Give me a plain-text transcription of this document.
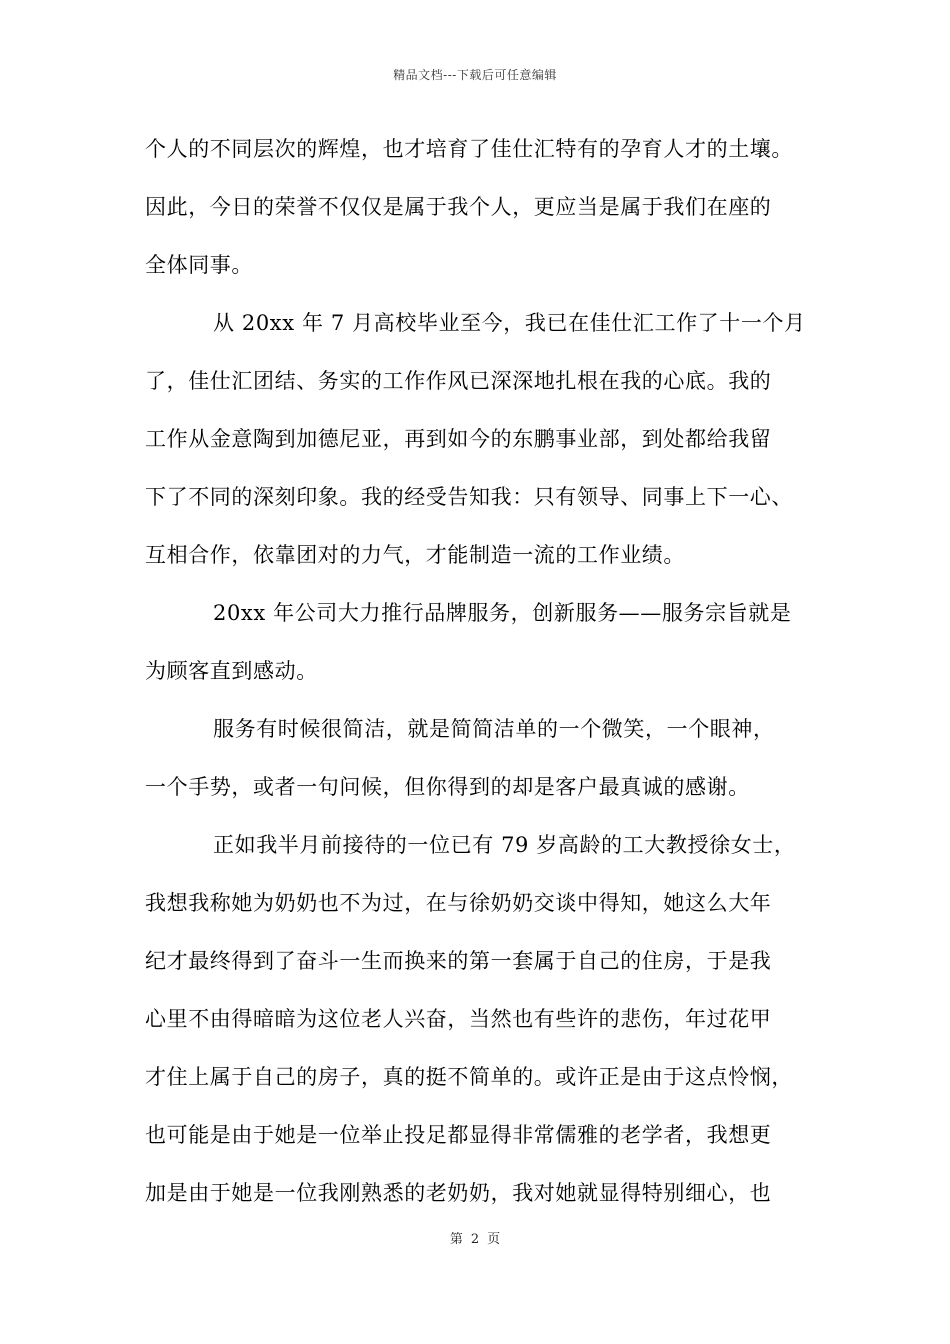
精品文档---下载后可任意编辑
个人的不同层次的辉煌，也才培育了佳仕汇特有的孕育人才的土壤。
因此，今日的荣誉不仅仅是属于我个人，更应当是属于我们在座的
全体同事。
从 20xx 年 7 月高校毕业至今，我已在佳仕汇工作了十一个月
了，佳仕汇团结、务实的工作作风已深深地扎根在我的心底。我的
工作从金意陶到加德尼亚，再到如今的东鹏事业部，到处都给我留
下了不同的深刻印象。我的经受告知我：只有领导、同事上下一心、
互相合作，依靠团对的力气，才能制造一流的工作业绩。
20xx 年公司大力推行品牌服务，创新服务——服务宗旨就是
为顾客直到感动。
服务有时候很简洁，就是简简洁单的一个微笑，一个眼神，
一个手势，或者一句问候，但你得到的却是客户最真诚的感谢。
正如我半月前接待的一位已有 79 岁高龄的工大教授徐女士，
我想我称她为奶奶也不为过，在与徐奶奶交谈中得知，她这么大年
纪才最终得到了奋斗一生而换来的第一套属于自己的住房，于是我
心里不由得暗暗为这位老人兴奋，当然也有些许的悲伤，年过花甲
才住上属于自己的房子，真的挺不简单的。或许正是由于这点怜悯，
也可能是由于她是一位举止投足都显得非常儒雅的老学者，我想更
加是由于她是一位我刚熟悉的老奶奶，我对她就显得特别细心，也
第 2 页
